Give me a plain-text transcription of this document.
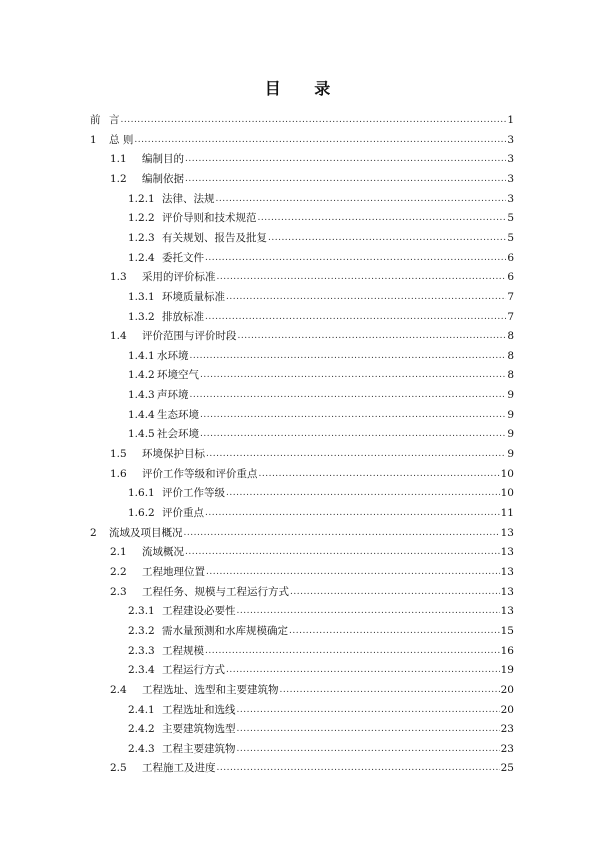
目 录
前 言 .....	1
1	总 则 .....	3
1.1	编制目的 .....	3
1.2	编制依据 .....	3
1.2.1 法律、法规 .....	3
1.2.2 评价导则和技术规范 .....	5
1.2.3 有关规划、报告及批复 .....	5
1.2.4 委托文件 .....	6
1.3	采用的评价标准 .....	6
1.3.1 环境质量标准 .....	7
1.3.2 排放标准 .....	7
1.4	评价范围与评价时段 .....	8
1.4.1 水环境 .....	8
1.4.2 环境空气 .....	8
1.4.3 声环境 .....	9
1.4.4 生态环境 .....	9
1.4.5 社会环境 .....	9
1.5	环境保护目标 .....	9
1.6	评价工作等级和评价重点 .....	10
1.6.1 评价工作等级 .....	10
1.6.2 评价重点 .....	11
2	流域及项目概况 .....	13
2.1	流域概况 .....	13
2.2	工程地理位置 .....	13
2.3	工程任务、规模与工程运行方式 .....	13
2.3.1 工程建设必要性 .....	13
2.3.2 需水量预测和水库规模确定 .....	15
2.3.3 工程规模 .....	16
2.3.4 工程运行方式 .....	19
2.4	工程选址、选型和主要建筑物 .....	20
2.4.1 工程选址和选线 .....	20
2.4.2 主要建筑物选型 .....	23
2.4.3 工程主要建筑物 .....	23
2.5	工程施工及进度 .....	25
